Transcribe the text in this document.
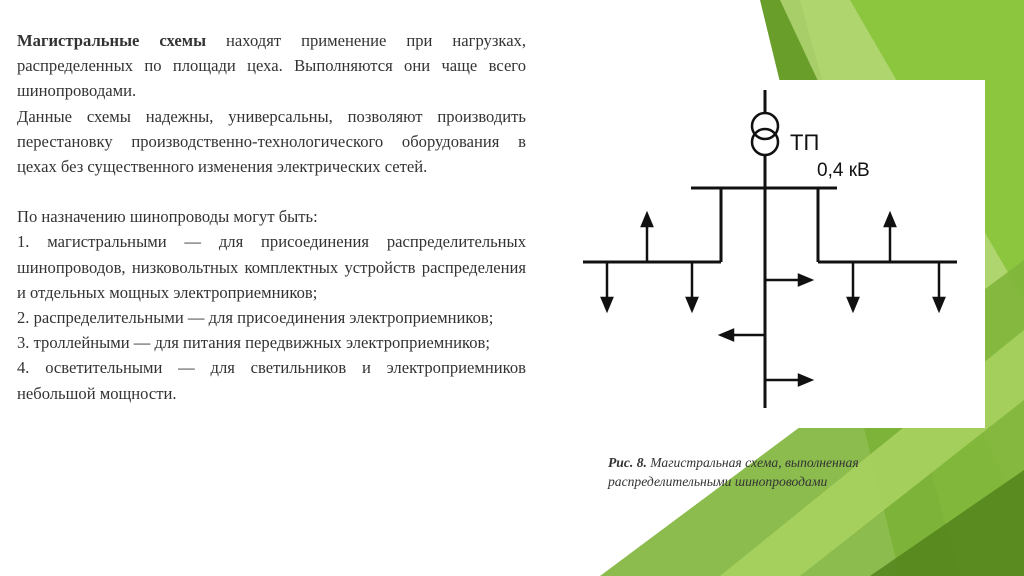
Магистральные схемы находят применение при нагрузках, распределенных по площади цеха. Выполняются они чаще всего шинопроводами.

Данные схемы надежны, универсальны, позволяют производить перестановку производственно-технологического оборудования в цехах без существенного изменения электрических сетей.

По назначению шинопроводы могут быть:

1. магистральными — для присоединения распределительных шинопроводов, низковольтных комплектных устройств распределения и отдельных мощных электроприемников;

2. распределительными — для присоединения электроприемников;

3. троллейными — для питания передвижных электроприемников;

4. осветительными — для светильников и электроприемников небольшой мощности.

ТП
0,4 кВ
Рис. 8. Магистральная схема, выполненная распределительными шинопроводами
